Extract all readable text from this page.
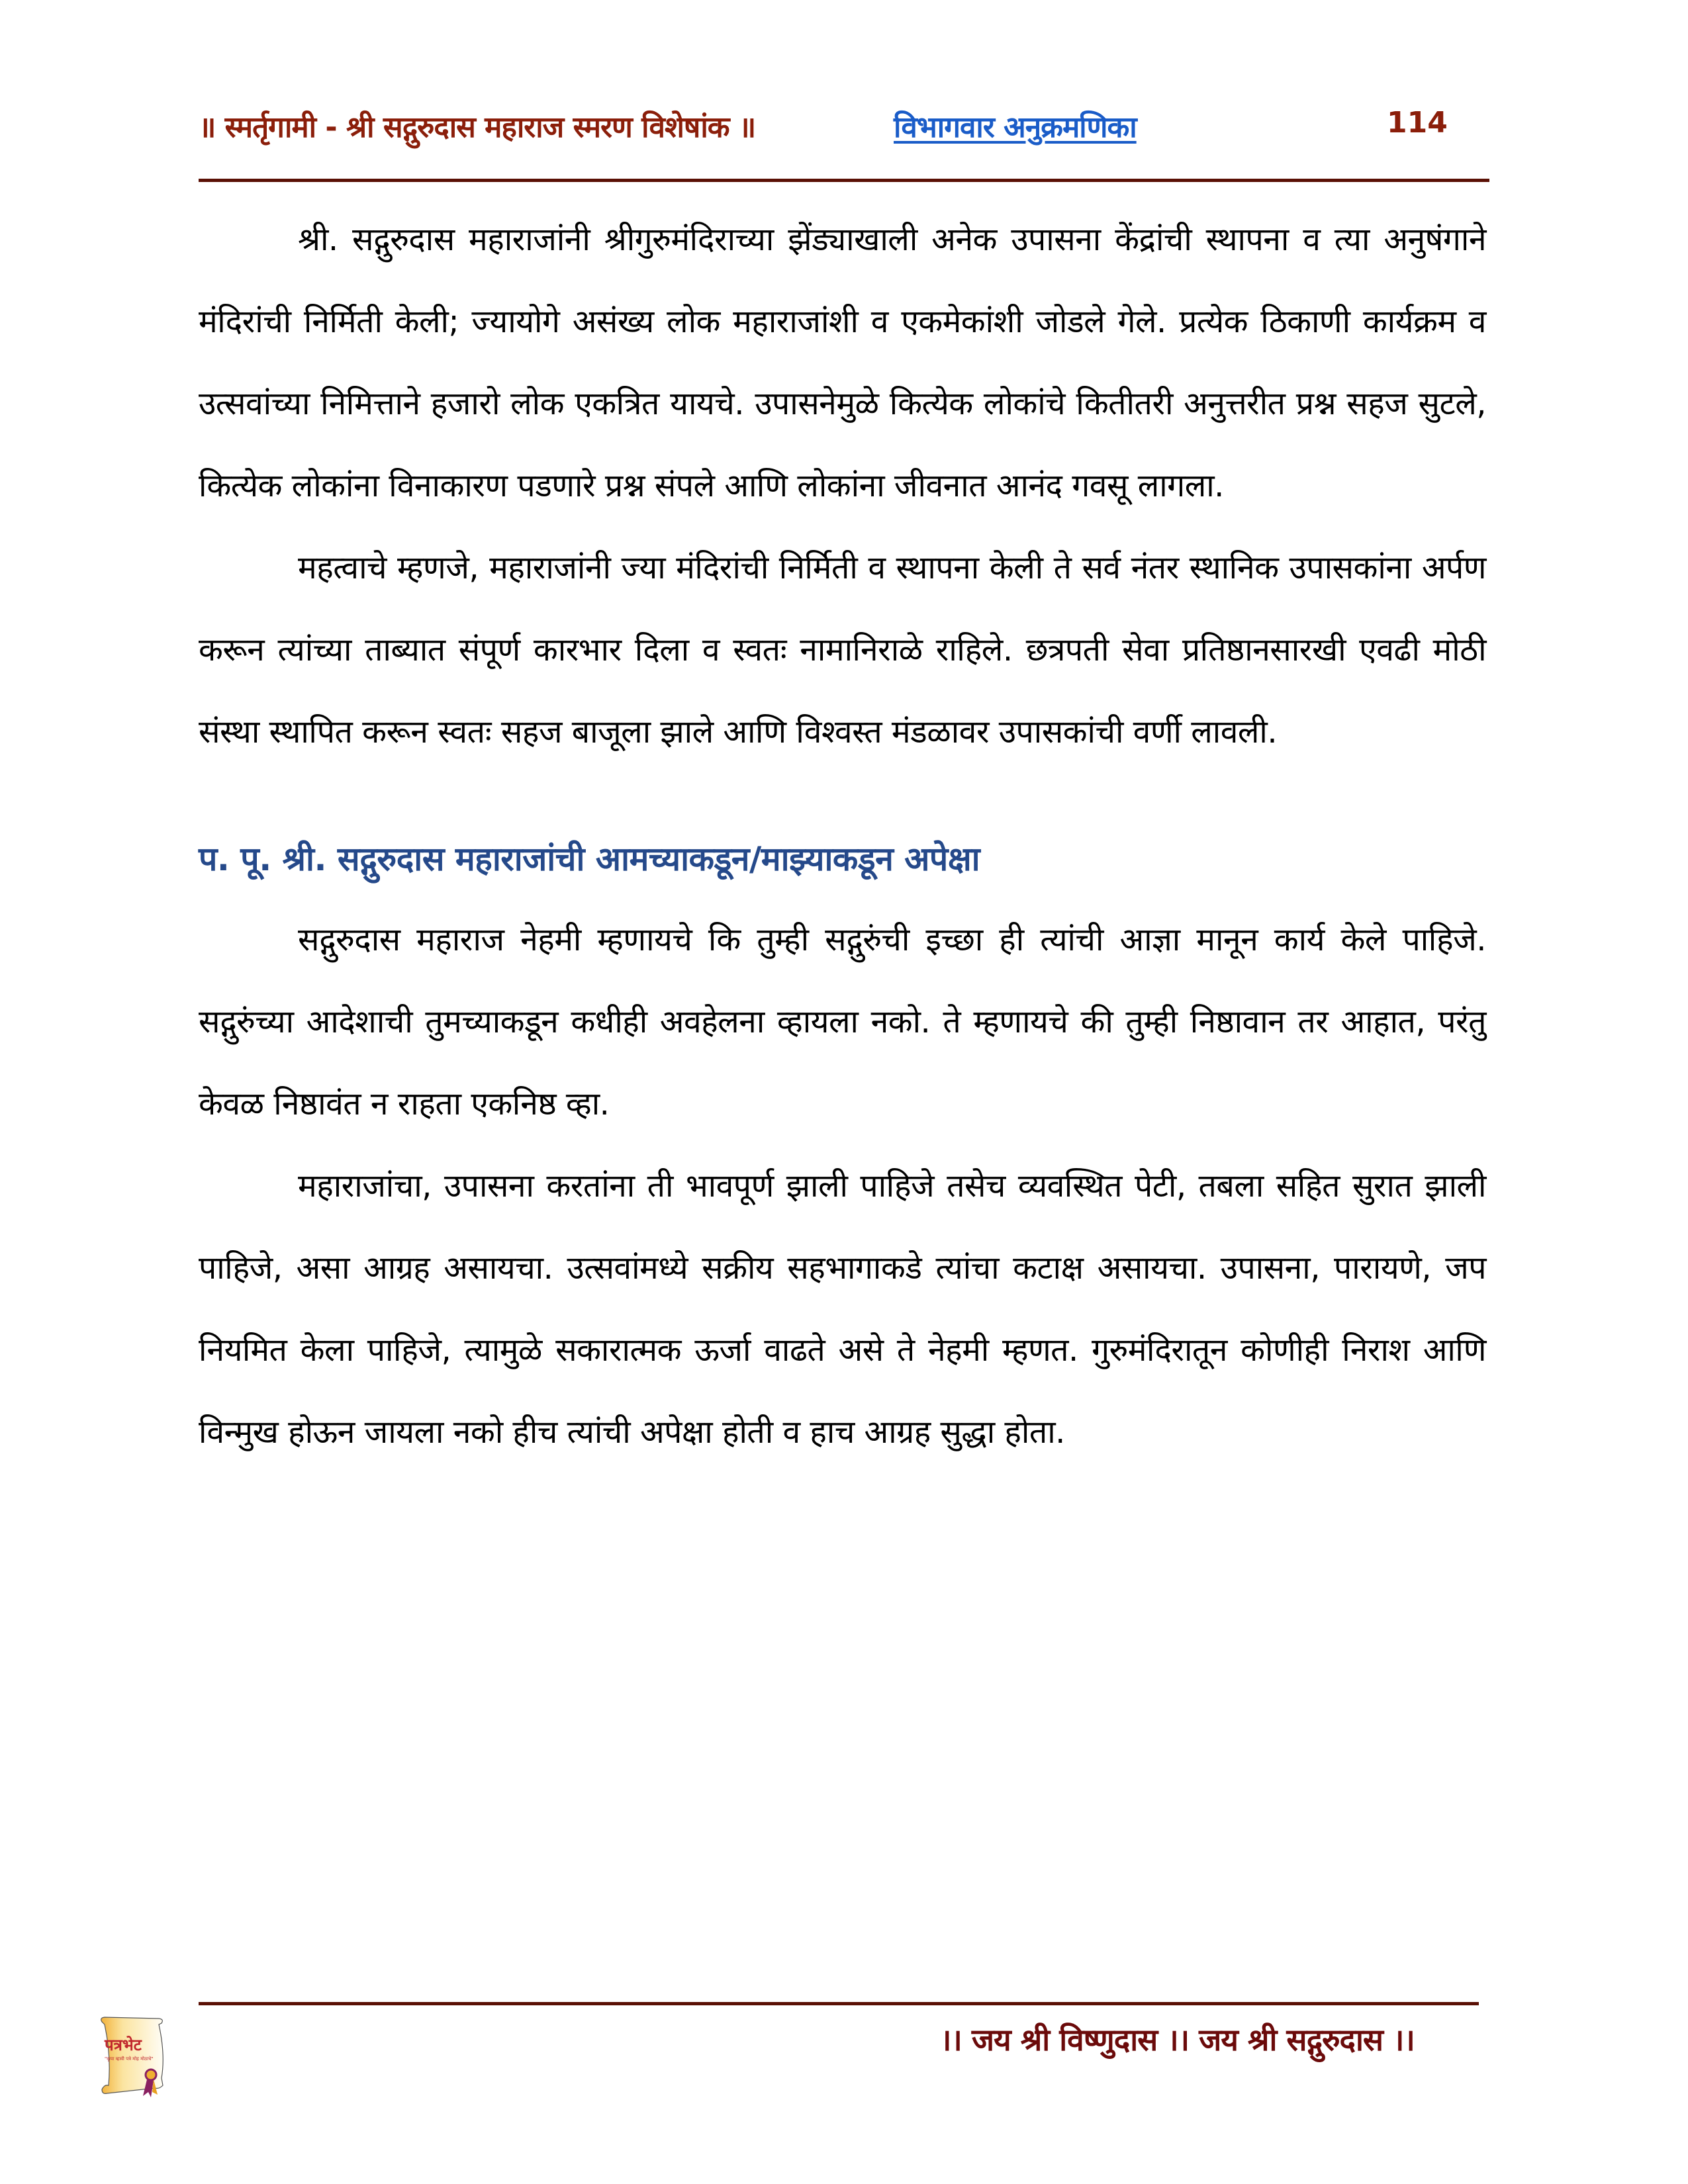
॥ स्मर्तृगामी - श्री सद्गुरुदास महाराज स्मरण विशेषांक ॥	विभागवार अनुक्रमणिका	114

श्री. सद्गुरुदास महाराजांनी श्रीगुरुमंदिराच्या झेंड्याखाली अनेक उपासना केंद्रांची स्थापना व त्या अनुषंगाने मंदिरांची निर्मिती केली; ज्यायोगे असंख्य लोक महाराजांशी व एकमेकांशी जोडले गेले. प्रत्येक ठिकाणी कार्यक्रम व उत्सवांच्या निमित्ताने हजारो लोक एकत्रित यायचे. उपासनेमुळे कित्येक लोकांचे कितीतरी अनुत्तरीत प्रश्न सहज सुटले, कित्येक लोकांना विनाकारण पडणारे प्रश्न संपले आणि लोकांना जीवनात आनंद गवसू लागला.

महत्वाचे म्हणजे, महाराजांनी ज्या मंदिरांची निर्मिती व स्थापना केली ते सर्व नंतर स्थानिक उपासकांना अर्पण करून त्यांच्या ताब्यात संपूर्ण कारभार दिला व स्वतः नामानिराळे राहिले. छत्रपती सेवा प्रतिष्ठानसारखी एवढी मोठी संस्था स्थापित करून स्वतः सहज बाजूला झाले आणि विश्वस्त मंडळावर उपासकांची वर्णी लावली.

प. पू. श्री. सद्गुरुदास महाराजांची आमच्याकडून/माझ्याकडून अपेक्षा

सद्गुरुदास महाराज नेहमी म्हणायचे कि तुम्ही सद्गुरुंची इच्छा ही त्यांची आज्ञा मानून कार्य केले पाहिजे. सद्गुरुंच्या आदेशाची तुमच्याकडून कधीही अवहेलना व्हायला नको. ते म्हणायचे की तुम्ही निष्ठावान तर आहात, परंतु केवळ निष्ठावंत न राहता एकनिष्ठ व्हा.

महाराजांचा, उपासना करतांना ती भावपूर्ण झाली पाहिजे तसेच व्यवस्थित पेटी, तबला सहित सुरात झाली पाहिजे, असा आग्रह असायचा. उत्सवांमध्ये सक्रीय सहभागाकडे त्यांचा कटाक्ष असायचा. उपासना, पारायणे, जप नियमित केला पाहिजे, त्यामुळे सकारात्मक ऊर्जा वाढते असे ते नेहमी म्हणत. गुरुमंदिरातून कोणीही निराश आणि विन्मुख होऊन जायला नको हीच त्यांची अपेक्षा होती व हाच आग्रह सुद्धा होता.

पत्रभेट
"कृपा व्हावी पत्रे मोह मोठाचे"
।। जय श्री विष्णुदास ।। जय श्री सद्गुरुदास ।।
